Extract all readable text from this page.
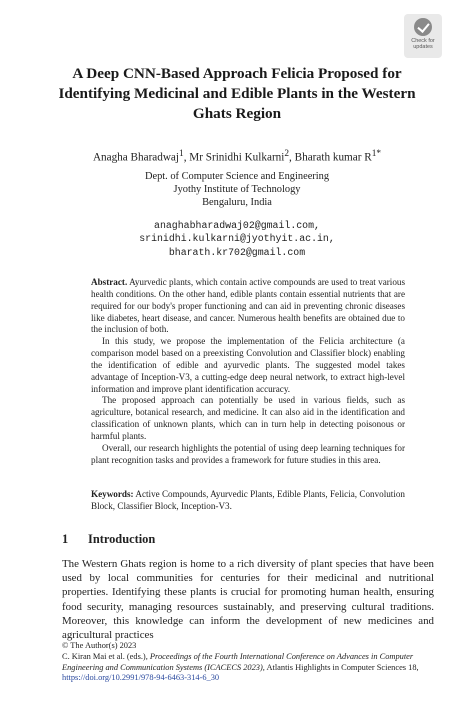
Check for
updates
A Deep CNN-Based Approach Felicia Proposed for Identifying Medicinal and Edible Plants in the Western Ghats Region
Anagha Bharadwaj$^1$, Mr Srinidhi Kulkarni$^2$, Bharath kumar $R^{1*}$
Dept. of Computer Science and Engineering
Jyothy Institute of Technology
Bengaluru, India
anaghabharadwaj02@gmail.com,
srinidhi.kulkarni@jyothyit.ac.in,
bharath.kr702@gmail.com

Abstract. Ayurvedic plants, which contain active compounds are used to treat various health conditions. On the other hand, edible plants contain essential nutrients that are required for our body's proper functioning and can aid in preventing chronic diseases like diabetes, heart disease, and cancer. Numerous health benefits are obtained due to the inclusion of both.

In this study, we propose the implementation of the Felicia architecture (a comparison model based on a preexisting Convolution and Classifier block) enabling the identification of edible and ayurvedic plants. The suggested model takes advantage of Inception-V3, a cutting-edge deep neural network, to extract high-level information and improve plant identification accuracy.

The proposed approach can potentially be used in various fields, such as agriculture, botanical research, and medicine. It can also aid in the identification and classification of unknown plants, which can in turn help in detecting poisonous or harmful plants.

Overall, our research highlights the potential of using deep learning techniques for plant recognition tasks and provides a framework for future studies in this area.

Keywords: Active Compounds, Ayurvedic Plants, Edible Plants, Felicia, Convolution Block, Classifier Block, Inception-V3.
1 Introduction

The Western Ghats region is home to a rich diversity of plant species that have been used by local communities for centuries for their medicinal and nutritional properties. Identifying these plants is crucial for promoting human health, ensuring food security, managing resources sustainably, and preserving cultural traditions. Moreover, this knowledge can inform the development of new medicines and agricultural practices

© The Author(s) 2023
C. Kiran Mai et al. (eds.), Proceedings of the Fourth International Conference on Advances in Computer Engineering and Communication Systems (ICACECS 2023), Atlantis Highlights in Computer Sciences 18,
https://doi.org/10.2991/978-94-6463-314-6_30
